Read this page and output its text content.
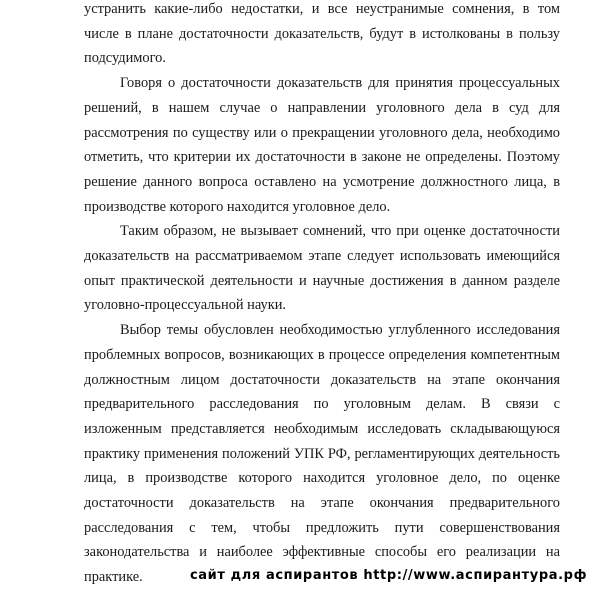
устранить какие-либо недостатки, и все неустранимые сомнения, в том числе в плане достаточности доказательств, будут в истолкованы в пользу подсудимого.

Говоря о достаточности доказательств для принятия процессуальных решений, в нашем случае о направлении уголовного дела в суд для рассмотрения по существу или о прекращении уголовного дела, необходимо отметить, что критерии их достаточности в законе не определены. Поэтому решение данного вопроса оставлено на усмотрение должностного лица, в производстве которого находится уголовное дело.

Таким образом, не вызывает сомнений, что при оценке достаточности доказательств на рассматриваемом этапе следует использовать имеющийся опыт практической деятельности и научные достижения в данном разделе уголовно-процессуальной науки.

Выбор темы обусловлен необходимостью углубленного исследования проблемных вопросов, возникающих в процессе определения компетентным должностным лицом достаточности доказательств на этапе окончания предварительного расследования по уголовным делам. В связи с изложенным представляется необходимым исследовать складывающуюся практику применения положений УПК РФ, регламентирующих деятельность лица, в производстве которого находится уголовное дело, по оценке достаточности доказательств на этапе окончания предварительного расследования с тем, чтобы предложить пути совершенствования законодательства и наиболее эффективные способы его реализации на практике.	сайт для аспирантов http://www.аспирантура.рф
